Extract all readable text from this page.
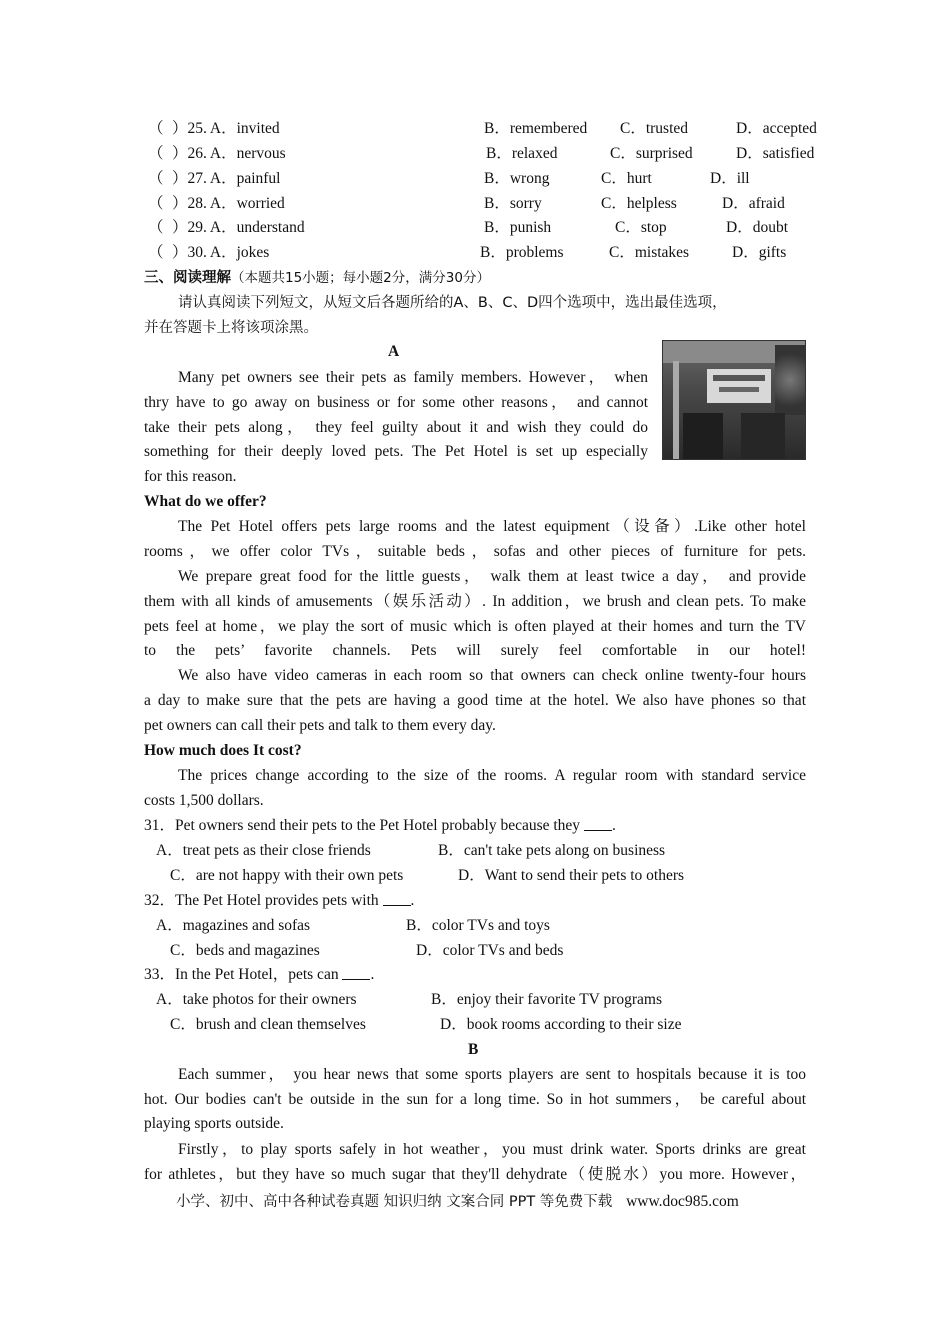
（ ）25. A．invited	B．remembered C．trusted	D．accepted
（ ）26. A．nervous	B．relaxed	C．surprised	D．satisfied
（ ）27. A．painful	B．wrong	C．hurt	D．ill
（ ）28. A．worried	B．sorry	C．helpless	D．afraid
（ ）29. A．understand	B．punish	C．stop	D．doubt
（ ）30. A．jokes	B．problems	C．mistakes	D．gifts
三、阅读理解（本题共15小题；每小题2分，满分30分）
请认真阅读下列短文，从短文后各题所给的A、B、C、D四个选项中，选出最佳选项，
并在答题卡上将该项涂黑。
A
Many pet owners see their pets as family members. However， when
thry have to go away on business or for some other reasons， and cannot
take their pets along， they feel guilty about it and wish they could do
something for their deeply loved pets. The Pet Hotel is set up especially
for this reason.
What do we offer?
The Pet Hotel offers pets large rooms and the latest equipment（设备）.Like other hotel
rooms，we offer color TVs，suitable beds，sofas and other pieces of furniture for pets.
We prepare great food for the little guests， walk them at least twice a day， and provide
them with all kinds of amusements（娱乐活动）. In addition，we brush and clean pets. To make
pets feel at home，we play the sort of music which is often played at their homes and turn the TV
to the pets’ favorite channels. Pets will surely feel comfortable in our hotel!
We also have video cameras in each room so that owners can check online twenty-four hours
a day to make sure that the pets are having a good time at the hotel. We also have phones so that
pet owners can call their pets and talk to them every day.
How much does It cost?
The prices change according to the size of the rooms. A regular room with standard service
costs 1,500 dollars.
31．Pet owners send their pets to the Pet Hotel probably because they .
A．treat pets as their close friends	B．can't take pets along on business
C．are not happy with their own pets	D．Want to send their pets to others
32．The Pet Hotel provides pets with .
A．magazines and sofas	B．color TVs and toys
C．beds and magazines	D．color TVs and beds
33．In the Pet Hotel，pets can .
A．take photos for their owners	B．enjoy their favorite TV programs
C．brush and clean themselves	D．book rooms according to their size
B
Each summer， you hear news that some sports players are sent to hospitals because it is too
hot. Our bodies can't be outside in the sun for a long time. So in hot summers， be careful about
playing sports outside.
Firstly，to play sports safely in hot weather，you must drink water. Sports drinks are great
for athletes，but they have so much sugar that they'll dehydrate（使脱水）you more. However，
小学、初中、高中各种试卷真题 知识归纳 文案合同 PPT 等免费下载 www.doc985.com
